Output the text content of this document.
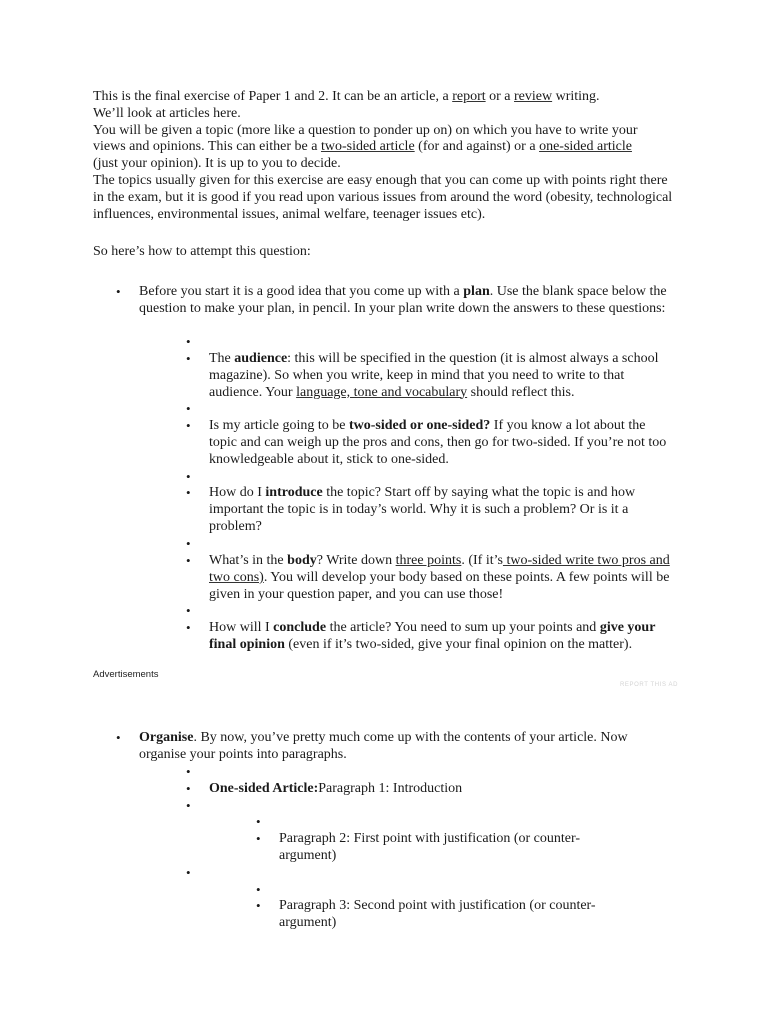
This is the final exercise of Paper 1 and 2. It can be an article, a report or a review writing.

We’ll look at articles here.

You will be given a topic (more like a question to ponder up on) on which you have to write your views and opinions. This can either be a two-sided article (for and against) or a one-sided article (just your opinion). It is up to you to decide.

The topics usually given for this exercise are easy enough that you can come up with points right there in the exam, but it is good if you read upon various issues from around the word (obesity, technological influences, environmental issues, animal welfare, teenager issues etc).

So here’s how to attempt this question:

• Before you start it is a good idea that you come up with a plan. Use the blank space below the question to make your plan, in pencil. In your plan write down the answers to these questions:
•
• The audience: this will be specified in the question (it is almost always a school magazine). So when you write, keep in mind that you need to write to that audience. Your language, tone and vocabulary should reflect this.
•
• Is my article going to be two-sided or one-sided? If you know a lot about the topic and can weigh up the pros and cons, then go for two-sided. If you’re not too knowledgeable about it, stick to one-sided.
•
• How do I introduce the topic? Start off by saying what the topic is and how important the topic is in today’s world. Why it is such a problem? Or is it a problem?
•
• What’s in the body? Write down three points. (If it’s two-sided write two pros and two cons). You will develop your body based on these points. A few points will be given in your question paper, and you can use those!
•
• How will I conclude the article? You need to sum up your points and give your final opinion (even if it’s two-sided, give your final opinion on the matter).
Advertisements
REPORT THIS AD
• Organise. By now, you’ve pretty much come up with the contents of your article. Now organise your points into paragraphs.
•
• One-sided Article:Paragraph 1: Introduction
•
•
• Paragraph 2: First point with justification (or counter-argument)
•
•
• Paragraph 3: Second point with justification (or counter-argument)
